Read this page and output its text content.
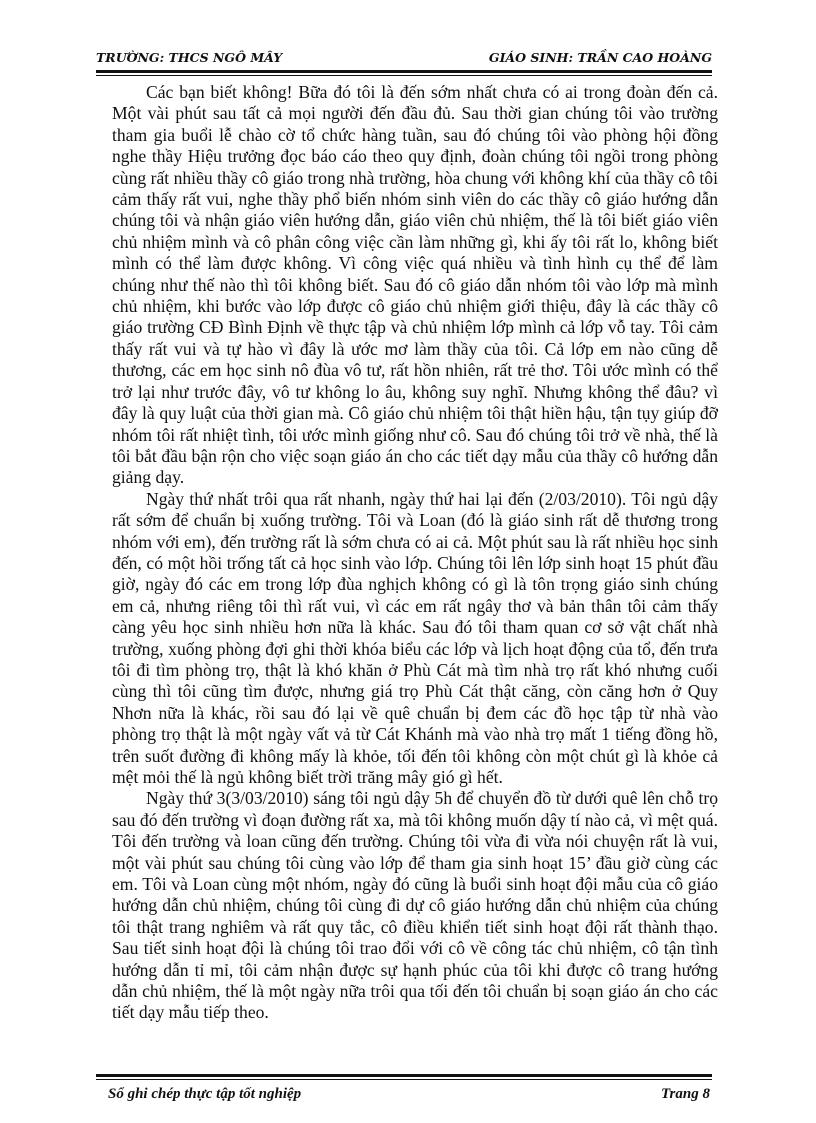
TRƯỜNG: THCS NGÔ MÂY	GIÁO SINH: TRẦN CAO HOÀNG

Các bạn biết không! Bữa đó tôi là đến sớm nhất chưa có ai trong đoàn đến cả. Một vài phút sau tất cả mọi người đến đầu đủ. Sau thời gian chúng tôi vào trường tham gia buổi lễ chào cờ tổ chức hàng tuần, sau đó chúng tôi vào phòng hội đồng nghe thầy Hiệu trưởng đọc báo cáo theo quy định, đoàn chúng tôi ngồi trong phòng cùng rất nhiều thầy cô giáo trong nhà trường, hòa chung với không khí của thầy cô tôi cảm thấy rất vui, nghe thầy phổ biến nhóm sinh viên do các thầy cô giáo hướng dẫn chúng tôi và nhận giáo viên hướng dẫn, giáo viên chủ nhiệm, thế là tôi biết giáo viên chủ nhiệm mình và cô phân công việc cần làm những gì, khi ấy tôi rất lo, không biết mình có thể làm được không. Vì công việc quá nhiều và tình hình cụ thể để làm chúng như thế nào thì tôi không biết. Sau đó cô giáo dẫn nhóm tôi vào lớp mà mình chủ nhiệm, khi bước vào lớp được cô giáo chủ nhiệm giới thiệu, đây là các thầy cô giáo trường CĐ Bình Định về thực tập và chủ nhiệm lớp mình cả lớp vỗ tay. Tôi cảm thấy rất vui và tự hào vì đây là ước mơ làm thầy của tôi. Cả lớp em nào cũng dễ thương, các em học sinh nô đùa vô tư, rất hồn nhiên, rất trẻ thơ. Tôi ước mình có thể trở lại như trước đây, vô tư không lo âu, không suy nghĩ. Nhưng không thể đâu? vì đây là quy luật của thời gian mà. Cô giáo chủ nhiệm tôi thật hiền hậu, tận tụy giúp đỡ nhóm tôi rất nhiệt tình, tôi ước mình giống như cô. Sau đó chúng tôi trở về nhà, thế là tôi bắt đầu bận rộn cho việc soạn giáo án cho các tiết dạy mẫu của thầy cô hướng dẫn giảng dạy.

Ngày thứ nhất trôi qua rất nhanh, ngày thứ hai lại đến (2/03/2010). Tôi ngủ dậy rất sớm để chuẩn bị xuống trường. Tôi và Loan (đó là giáo sinh rất dễ thương trong nhóm với em), đến trường rất là sớm chưa có ai cả. Một phút sau là rất nhiều học sinh đến, có một hồi trống tất cả học sinh vào lớp. Chúng tôi lên lớp sinh hoạt 15 phút đầu giờ, ngày đó các em trong lớp đùa nghịch không có gì là tôn trọng giáo sinh chúng em cả, nhưng riêng tôi thì rất vui, vì các em rất ngây thơ và bản thân tôi cảm thấy càng yêu học sinh nhiều hơn nữa là khác. Sau đó tôi tham quan cơ sở vật chất nhà trường, xuống phòng đợi ghi thời khóa biểu các lớp và lịch hoạt động của tổ, đến trưa tôi đi tìm phòng trọ, thật là khó khăn ở Phù Cát mà tìm nhà trọ rất khó nhưng cuối cùng thì tôi cũng tìm được, nhưng giá trọ Phù Cát thật căng, còn căng hơn ở Quy Nhơn nữa là khác, rồi sau đó lại về quê chuẩn bị đem các đồ học tập từ nhà vào phòng trọ thật là một ngày vất vả từ Cát Khánh mà vào nhà trọ mất 1 tiếng đồng hồ, trên suốt đường đi không mấy là khỏe, tối đến tôi không còn một chút gì là khỏe cả mệt mỏi thế là ngủ không biết trời trăng mây gió gì hết.

Ngày thứ 3(3/03/2010) sáng tôi ngủ dậy 5h để chuyển đồ từ dưới quê lên chỗ trọ sau đó đến trường vì đoạn đường rất xa, mà tôi không muốn dậy tí nào cả, vì mệt quá. Tôi đến trường và loan cũng đến trường. Chúng tôi vừa đi vừa nói chuyện rất là vui, một vài phút sau chúng tôi cùng vào lớp để tham gia sinh hoạt 15’ đầu giờ cùng các em. Tôi và Loan cùng một nhóm, ngày đó cũng là buổi sinh hoạt đội mẫu của cô giáo hướng dẫn chủ nhiệm, chúng tôi cùng đi dự cô giáo hướng dẫn chủ nhiệm của chúng tôi thật trang nghiêm và rất quy tắc, cô điều khiển tiết sinh hoạt đội rất thành thạo. Sau tiết sinh hoạt đội là chúng tôi trao đổi với cô về công tác chủ nhiệm, cô tận tình hướng dẫn tỉ mỉ, tôi cảm nhận được sự hạnh phúc của tôi khi được cô trang hướng dẫn chủ nhiệm, thế là một ngày nữa trôi qua tối đến tôi chuẩn bị soạn giáo án cho các tiết dạy mẫu tiếp theo.

Sổ ghi chép thực tập tốt nghiệp	Trang 8
